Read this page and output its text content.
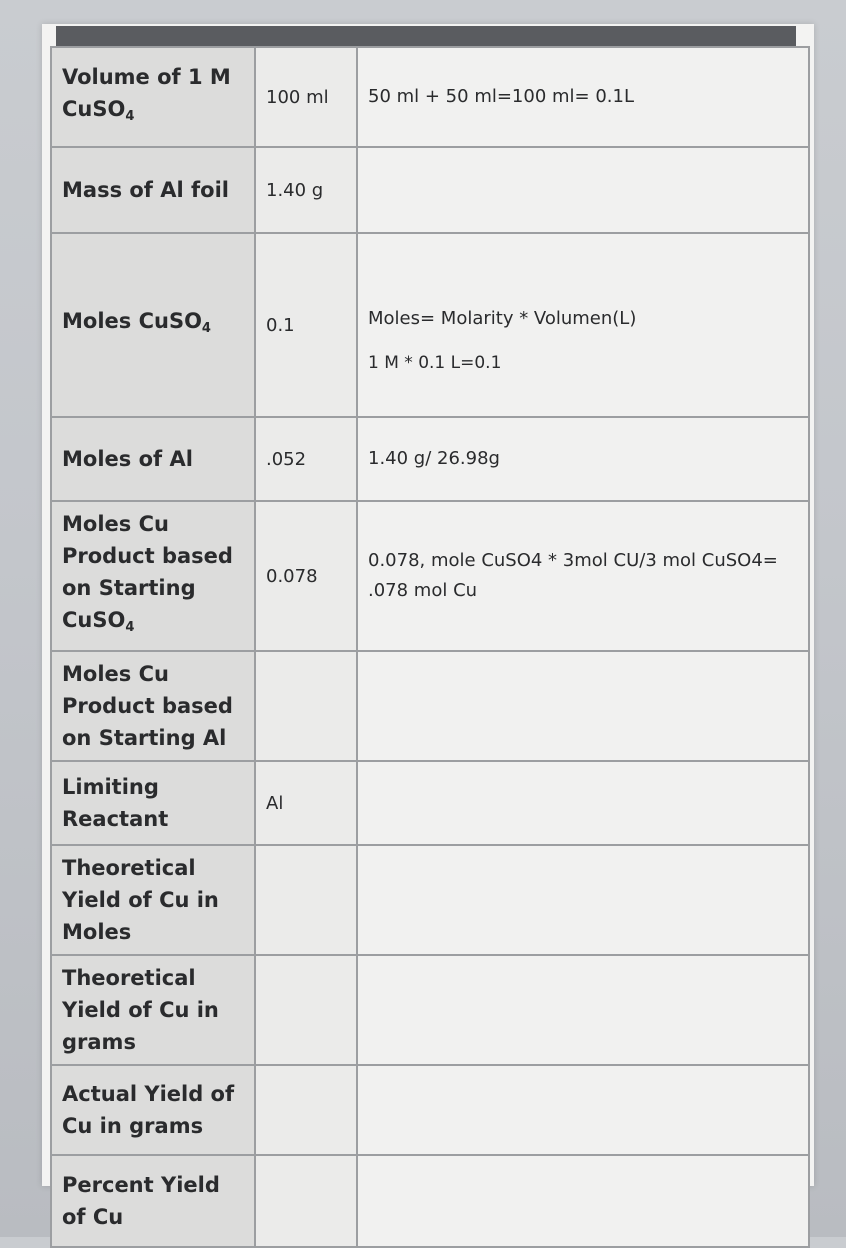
Volume of 1 M CuSO$_4$	100 ml	50 ml + 50 ml=100 ml= 0.1L

Mass of Al foil	1.40 g	
Moles CuSO$_4$	0.1	Moles= Molarity * Volumen(L)
1 M * 0.1 L=0.1

Moles of Al	.052	1.40 g/ 26.98g

Moles Cu Product based on Starting CuSO$_4$	0.078	0.078, mole CuSO4 * 3mol CU/3 mol CuSO4= .078 mol Cu

Moles Cu Product based on Starting Al		
Limiting Reactant	Al	
Theoretical Yield of Cu in Moles		
Theoretical Yield of Cu in grams		
Actual Yield of Cu in grams		
Percent Yield of Cu		
